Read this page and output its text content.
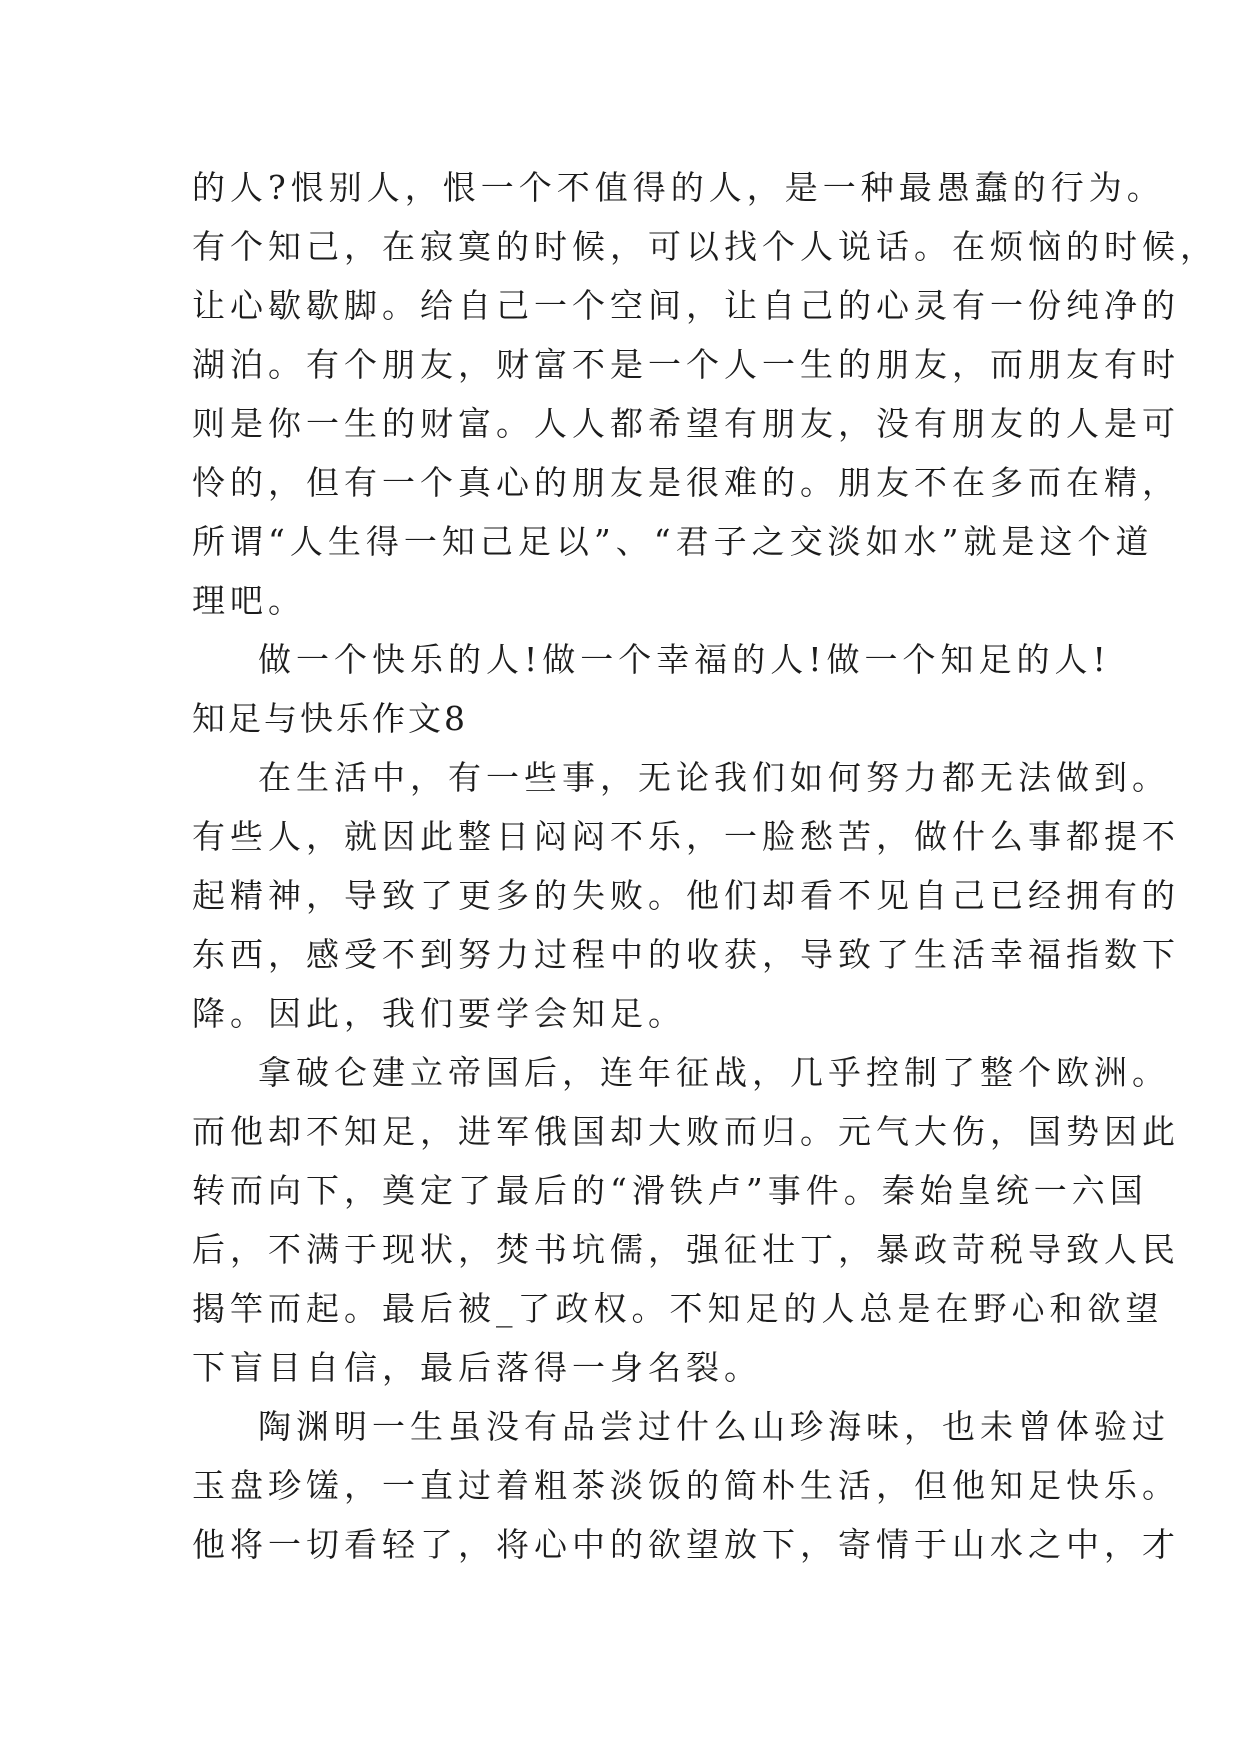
的人?恨别人，恨一个不值得的人，是一种最愚蠢的行为。
有个知己，在寂寞的时候，可以找个人说话。在烦恼的时候，
让心歇歇脚。给自己一个空间，让自己的心灵有一份纯净的
湖泊。有个朋友，财富不是一个人一生的朋友，而朋友有时
则是你一生的财富。人人都希望有朋友，没有朋友的人是可
怜的，但有一个真心的朋友是很难的。朋友不在多而在精，
所谓“人生得一知己足以”、“君子之交淡如水”就是这个道
理吧。
做一个快乐的人!做一个幸福的人!做一个知足的人!
知足与快乐作文8
在生活中，有一些事，无论我们如何努力都无法做到。
有些人，就因此整日闷闷不乐，一脸愁苦，做什么事都提不
起精神，导致了更多的失败。他们却看不见自己已经拥有的
东西，感受不到努力过程中的收获，导致了生活幸福指数下
降。因此，我们要学会知足。
拿破仑建立帝国后，连年征战，几乎控制了整个欧洲。
而他却不知足，进军俄国却大败而归。元气大伤，国势因此
转而向下，奠定了最后的“滑铁卢”事件。秦始皇统一六国
后，不满于现状，焚书坑儒，强征壮丁，暴政苛税导致人民
揭竿而起。最后被_了政权。不知足的人总是在野心和欲望
下盲目自信，最后落得一身名裂。
陶渊明一生虽没有品尝过什么山珍海味，也未曾体验过
玉盘珍馐，一直过着粗茶淡饭的简朴生活，但他知足快乐。
他将一切看轻了，将心中的欲望放下，寄情于山水之中，才
